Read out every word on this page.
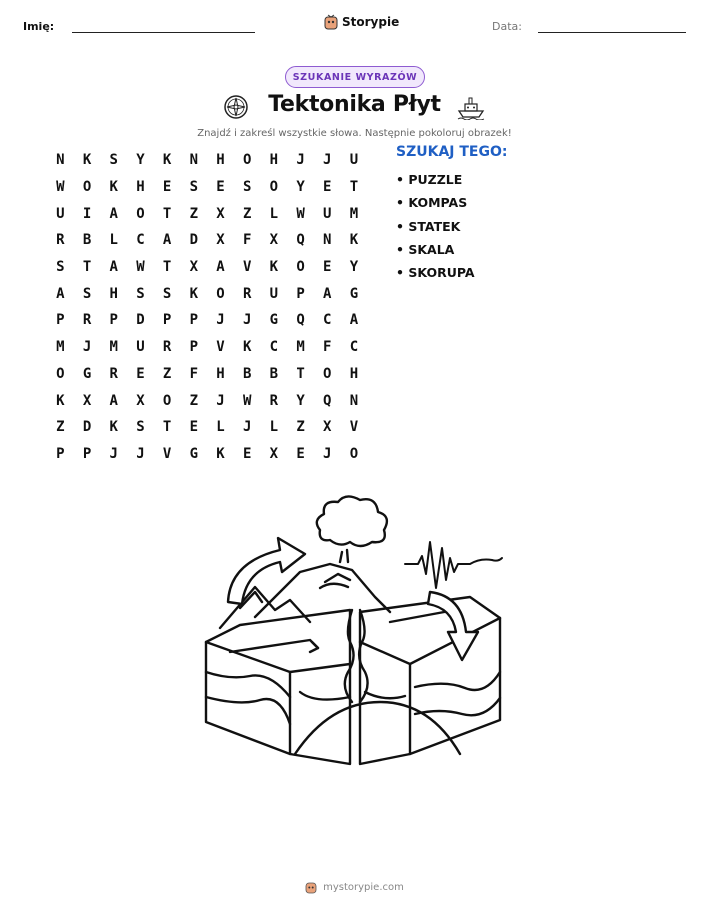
Imię:	Storypie	Data:
SZUKANIE WYRAZÓW
Tektonika Płyt
Znajdź i zakreśl wszystkie słowa. Następnie pokoloruj obrazek!
N	K	S	Y	K	N	H	O	H	J	J	U
W	O	K	H	E	S	E	S	O	Y	E	T
U	I	A	O	T	Z	X	Z	L	W	U	M
R	B	L	C	A	D	X	F	X	Q	N	K
S	T	A	W	T	X	A	V	K	O	E	Y
A	S	H	S	S	K	O	R	U	P	A	G
P	R	P	D	P	P	J	J	G	Q	C	A
M	J	M	U	R	P	V	K	C	M	F	C
O	G	R	E	Z	F	H	B	B	T	O	H
K	X	A	X	O	Z	J	W	R	Y	Q	N
Z	D	K	S	T	E	L	J	L	Z	X	V
P	P	J	J	V	G	K	E	X	E	J	O
SZUKAJ TEGO:
• PUZZLE
• KOMPAS
• STATEK
• SKALA
• SKORUPA
mystorypie.com
